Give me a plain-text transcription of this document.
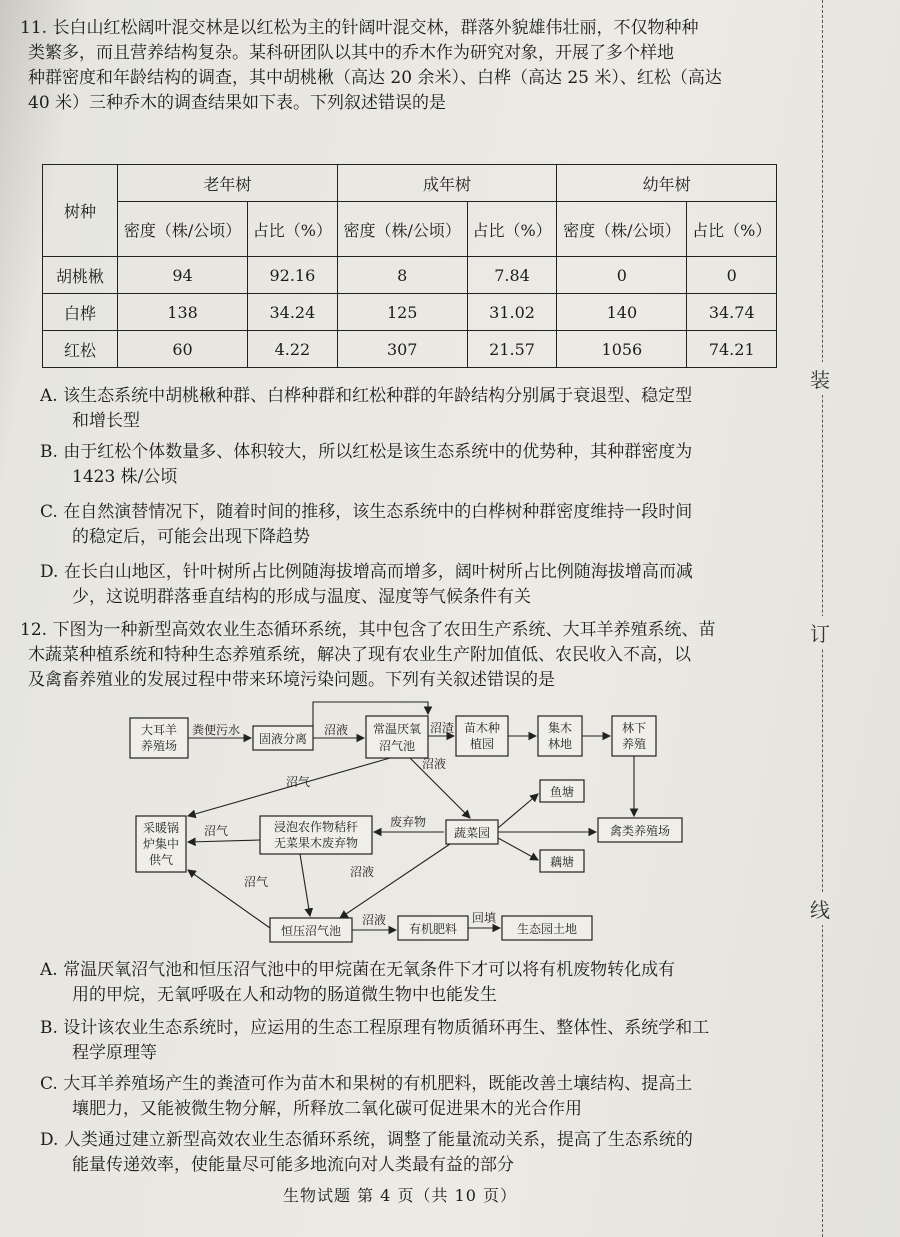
装
订
线
11. 长白山红松阔叶混交林是以红松为主的针阔叶混交林，群落外貌雄伟壮丽，不仅物种种
类繁多，而且营养结构复杂。某科研团队以其中的乔木作为研究对象，开展了多个样地
种群密度和年龄结构的调查，其中胡桃楸（高达 20 余米）、白桦（高达 25 米）、红松（高达
40 米）三种乔木的调查结果如下表。下列叙述错误的是
树种	老年树		成年树		幼年树	
	密度（株/公顷）	占比（%）	密度（株/公顷）	占比（%）	密度（株/公顷）	占比（%）
胡桃楸	94	92.16	8	7.84	0	0
白桦	138	34.24	125	31.02	140	34.74
红松	60	4.22	307	21.57	1056	74.21
A. 该生态系统中胡桃楸种群、白桦种群和红松种群的年龄结构分别属于衰退型、稳定型
和增长型
B. 由于红松个体数量多、体积较大，所以红松是该生态系统中的优势种，其种群密度为
1423 株/公顷
C. 在自然演替情况下，随着时间的推移，该生态系统中的白桦树种群密度维持一段时间
的稳定后，可能会出现下降趋势
D. 在长白山地区，针叶树所占比例随海拔增高而增多，阔叶树所占比例随海拔增高而减
少，这说明群落垂直结构的形成与温度、湿度等气候条件有关
12. 下图为一种新型高效农业生态循环系统，其中包含了农田生产系统、大耳羊养殖系统、苗
木蔬菜种植系统和特种生态养殖系统，解决了现有农业生产附加值低、农民收入不高，以
及禽畜养殖业的发展过程中带来环境污染问题。下列有关叙述错误的是
大耳羊
养殖场	固液分离
常温厌氧
沼气池
苗木种
植园
集木
林地
林下
养殖
采暖锅
炉集中
供气
浸泡农作物秸秆
无菜果木废弃物
蔬菜园
鱼塘
藕塘
禽类养殖场
恒压沼气池	有机肥料	生态园土地
粪便污水	沼液	沼渣
沼气
沼液
废弃物
沼气
沼气
沼液
沼液	回填
A. 常温厌氧沼气池和恒压沼气池中的甲烷菌在无氧条件下才可以将有机废物转化成有
用的甲烷，无氧呼吸在人和动物的肠道微生物中也能发生
B. 设计该农业生态系统时，应运用的生态工程原理有物质循环再生、整体性、系统学和工
程学原理等
C. 大耳羊养殖场产生的粪渣可作为苗木和果树的有机肥料，既能改善土壤结构、提高土
壤肥力，又能被微生物分解，所释放二氧化碳可促进果木的光合作用
D. 人类通过建立新型高效农业生态循环系统，调整了能量流动关系，提高了生态系统的
能量传递效率，使能量尽可能多地流向对人类最有益的部分
生物试题 第 4 页（共 10 页）
